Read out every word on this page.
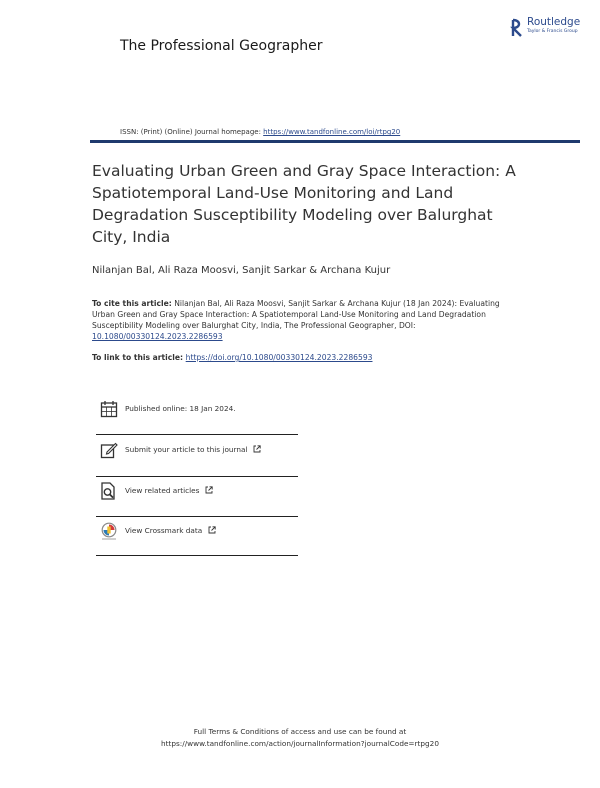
The Professional Geographer
Routledge
Taylor & Francis Group
ISSN: (Print) (Online) Journal homepage: https://www.tandfonline.com/loi/rtpg20
Evaluating Urban Green and Gray Space Interaction: A Spatiotemporal Land-Use Monitoring and Land Degradation Susceptibility Modeling over Balurghat City, India
Nilanjan Bal, Ali Raza Moosvi, Sanjit Sarkar & Archana Kujur
To cite this article: Nilanjan Bal, Ali Raza Moosvi, Sanjit Sarkar & Archana Kujur (18 Jan 2024): Evaluating Urban Green and Gray Space Interaction: A Spatiotemporal Land-Use Monitoring and Land Degradation Susceptibility Modeling over Balurghat City, India, The Professional Geographer, DOI: 10.1080/00330124.2023.2286593
To link to this article: https://doi.org/10.1080/00330124.2023.2286593
Published online: 18 Jan 2024.
Submit your article to this journal
View related articles
View Crossmark data
Full Terms & Conditions of access and use can be found at
https://www.tandfonline.com/action/journalInformation?journalCode=rtpg20
